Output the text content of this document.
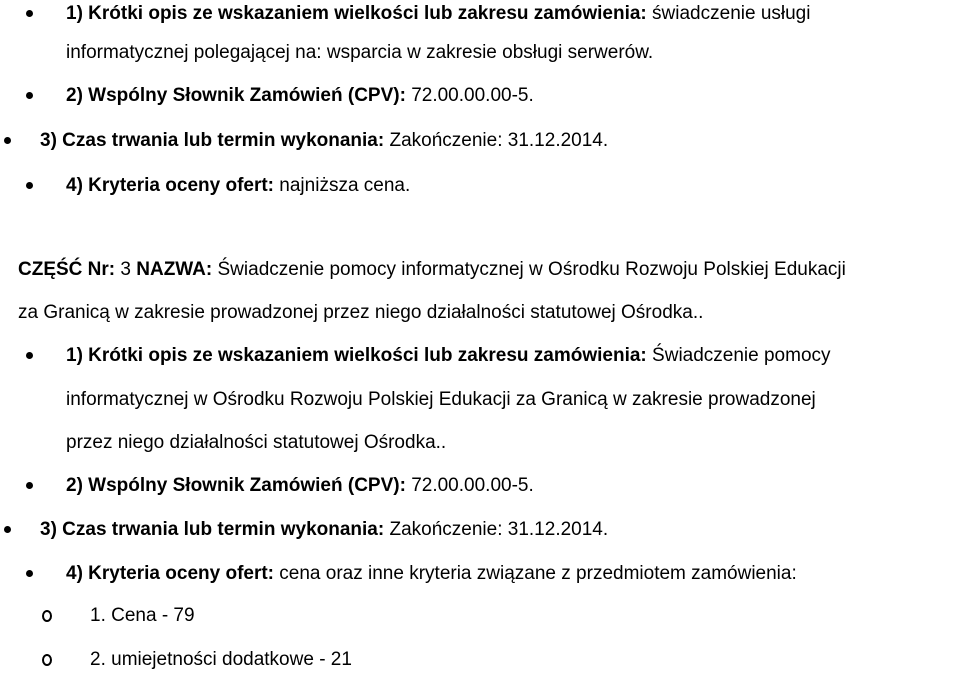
1) Krótki opis ze wskazaniem wielkości lub zakresu zamówienia: świadczenie usługi
informatycznej polegającej na: wsparcia w zakresie obsługi serwerów.
2) Wspólny Słownik Zamówień (CPV): 72.00.00.00-5.
3) Czas trwania lub termin wykonania: Zakończenie: 31.12.2014.
4) Kryteria oceny ofert: najniższa cena.
CZĘŚĆ Nr: 3 NAZWA: Świadczenie pomocy informatycznej w Ośrodku Rozwoju Polskiej Edukacji
za Granicą w zakresie prowadzonej przez niego działalności statutowej Ośrodka..
1) Krótki opis ze wskazaniem wielkości lub zakresu zamówienia: Świadczenie pomocy
informatycznej w Ośrodku Rozwoju Polskiej Edukacji za Granicą w zakresie prowadzonej
przez niego działalności statutowej Ośrodka..
2) Wspólny Słownik Zamówień (CPV): 72.00.00.00-5.
3) Czas trwania lub termin wykonania: Zakończenie: 31.12.2014.
4) Kryteria oceny ofert: cena oraz inne kryteria związane z przedmiotem zamówienia:
1. Cena - 79
2. umiejetności dodatkowe - 21
